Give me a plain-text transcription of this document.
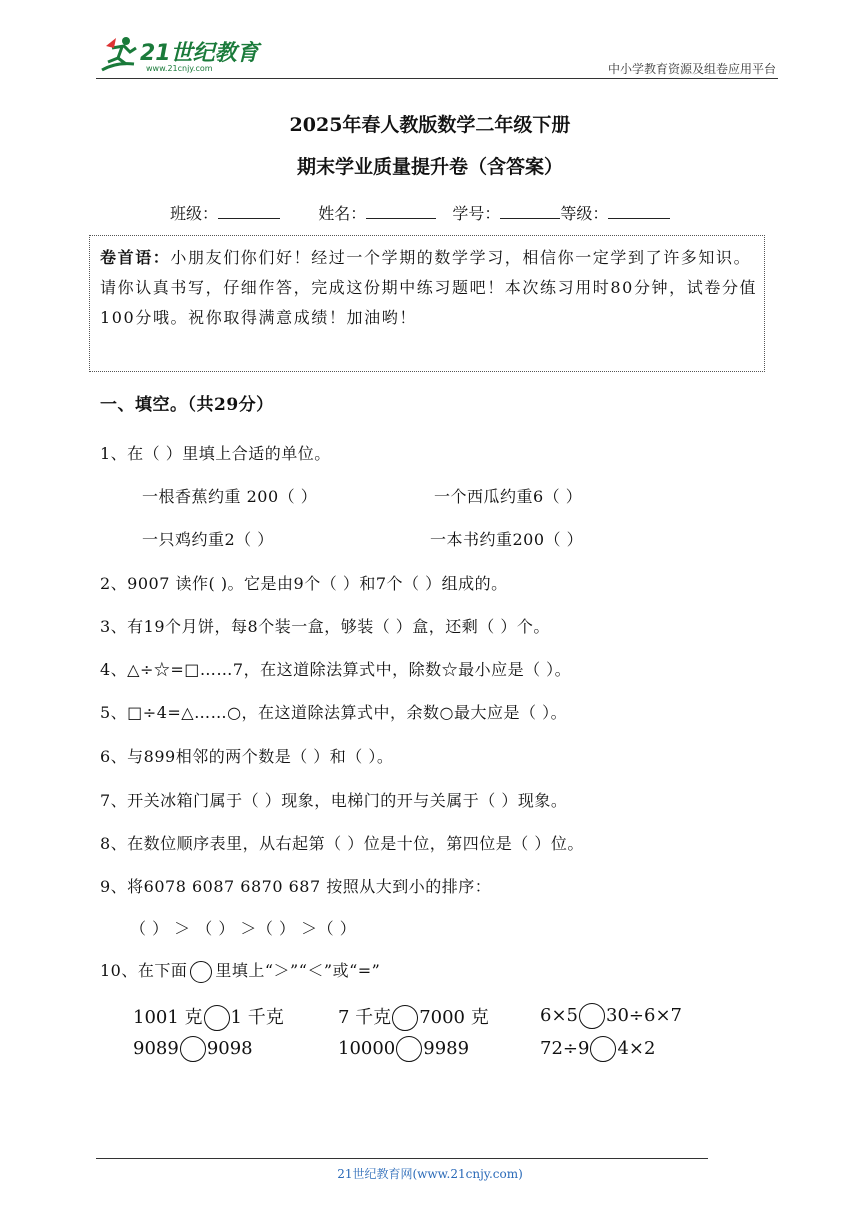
21世纪教育
www.21cnjy.com	中小学教育资源及组卷应用平台
2025年春人教版数学二年级下册
期末学业质量提升卷（含答案）
班级：	姓名：	学号：	等级：
卷首语：小朋友们你们好！经过一个学期的数学学习，相信你一定学到了许多知识。请你认真书写，仔细作答，完成这份期中练习题吧！本次练习用时80分钟，试卷分值100分哦。祝你取得满意成绩！加油哟！
一、填空。（共29分）
1、在（ ）里填上合适的单位。
一根香蕉约重 200（ ）	一个西瓜约重6（ ）
一只鸡约重2（ ）	一本书约重200（ ）
2、9007 读作( )。它是由9个（ ）和7个（ ）组成的。
3、有19个月饼，每8个装一盒，够装（ ）盒，还剩（ ）个。
4、△÷☆=□……7，在这道除法算式中，除数☆最小应是（ ）。
5、□÷4=△……○，在这道除法算式中，余数○最大应是（ ）。
6、与899相邻的两个数是（ ）和（ ）。
7、开关冰箱门属于（ ）现象，电梯门的开与关属于（ ）现象。
8、在数位顺序表里，从右起第（ ）位是十位，第四位是（ ）位。
9、将6078 6087 6870 687 按照从大到小的排序：
（ ） ＞ （ ） ＞（ ） ＞（ ）
10、在下面 里填上“＞”“＜”或“=”
1001 克 1 千克	7 千克 7000 克	6×5 30÷6×7
9089 9098	10000 9989	72÷9 4×2
21世纪教育网(www.21cnjy.com)
